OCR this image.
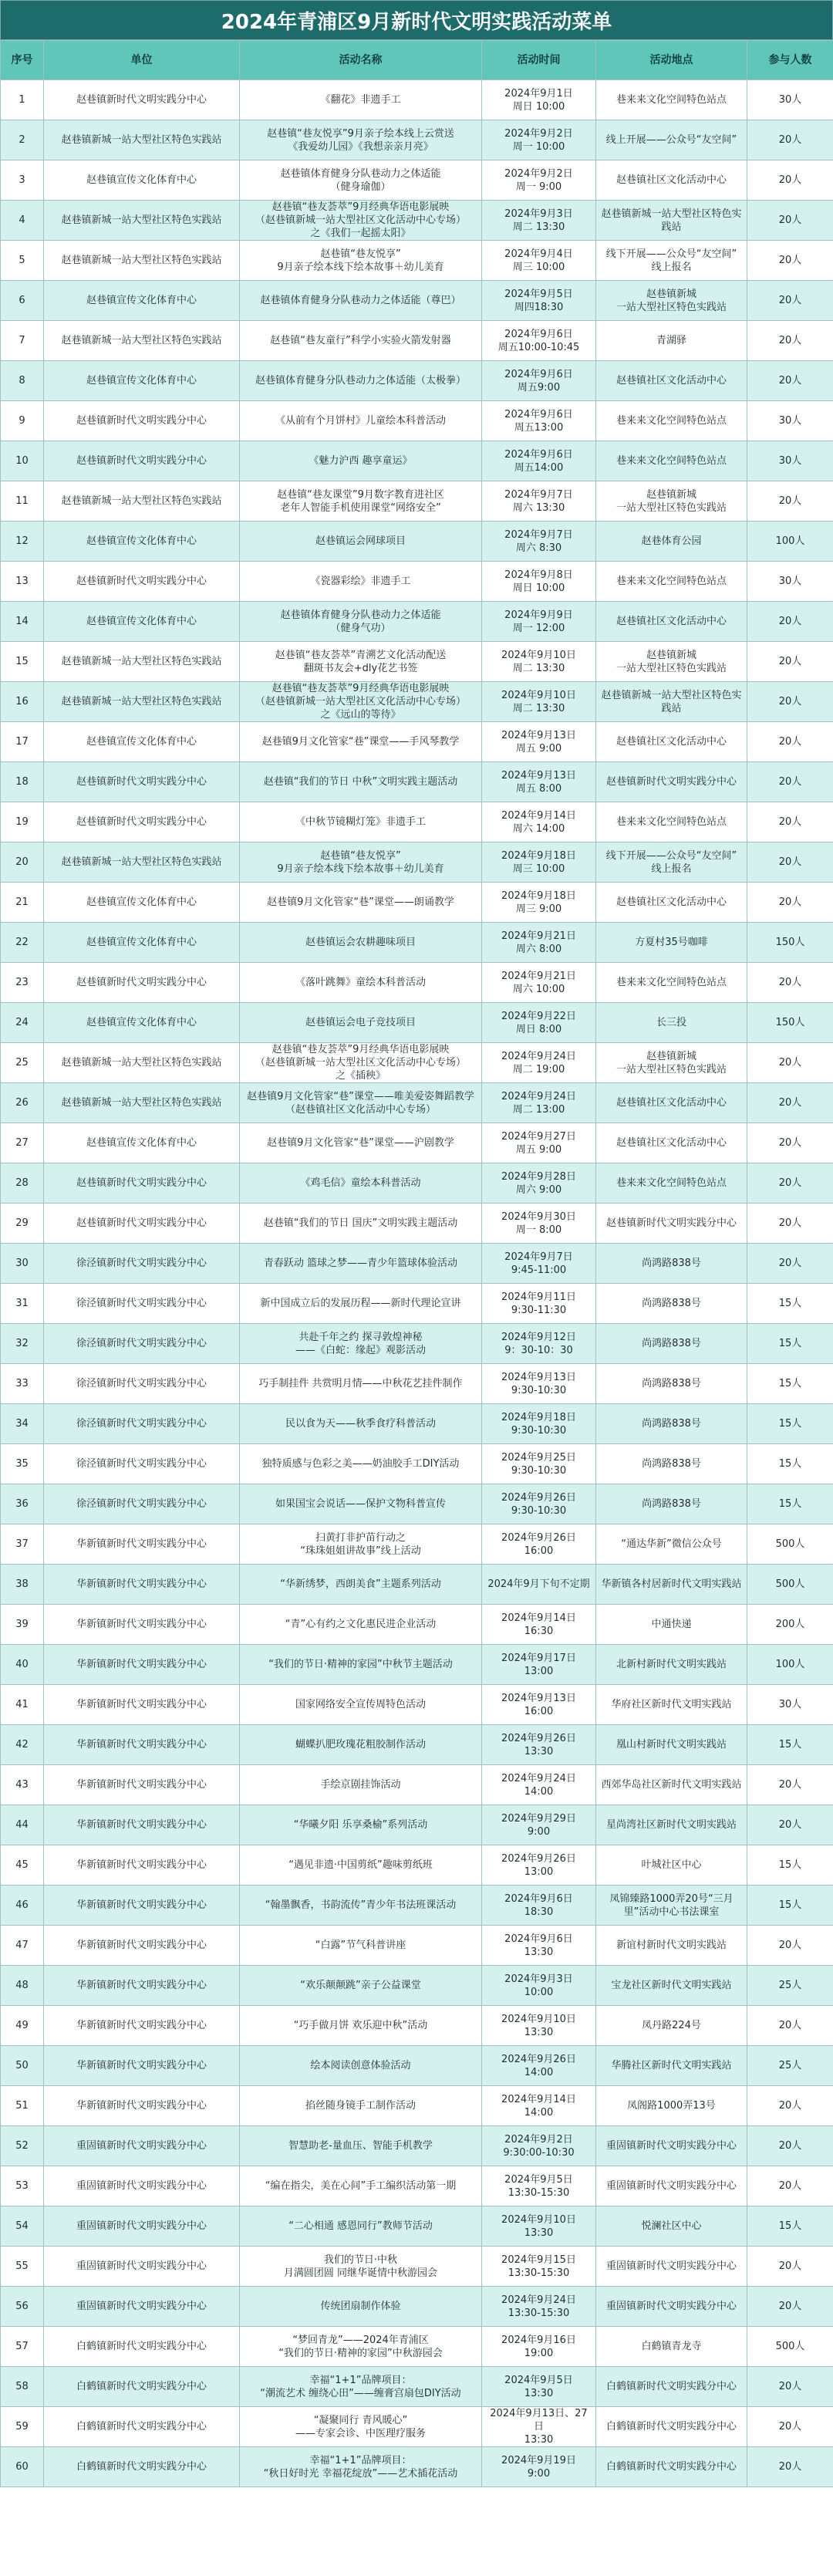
2024年青浦区9月新时代文明实践活动菜单
序号	单位	活动名称	活动时间	活动地点	参与人数
1	赵巷镇新时代文明实践分中心	《翻花》非遗手工	2024年9月1日
周日 10:00	巷来来文化空间特色站点	30人
2	赵巷镇新城一站大型社区特色实践站	赵巷镇“巷友悦享”9月亲子绘本线上云赏送
《我爱幼儿园》《我想亲亲月亮》	2024年9月2日
周一 10:00	线上开展——公众号“友空间”	20人
3	赵巷镇宣传文化体育中心	赵巷镇体育健身分队巷动力之体适能
（健身瑜伽）	2024年9月2日
周一 9:00	赵巷镇社区文化活动中心	20人
4	赵巷镇新城一站大型社区特色实践站	赵巷镇“巷友荟萃”9月经典华语电影展映
（赵巷镇新城一站大型社区文化活动中心专场）
之《我们一起摇太阳》	2024年9月3日
周二 13:30	赵巷镇新城一站大型社区特色实践站	20人
5	赵巷镇新城一站大型社区特色实践站	赵巷镇“巷友悦享”
9月亲子绘本线下绘本故事＋幼儿美育	2024年9月4日
周三 10:00	线下开展——公众号“友空间”
线上报名	20人
6	赵巷镇宣传文化体育中心	赵巷镇体育健身分队巷动力之体适能（尊巴）	2024年9月5日
周四18:30	赵巷镇新城
一站大型社区特色实践站	20人
7	赵巷镇新城一站大型社区特色实践站	赵巷镇“巷友童行”科学小实验火箭发射器	2024年9月6日
周五10:00-10:45	青湖驿	20人
8	赵巷镇宣传文化体育中心	赵巷镇体育健身分队巷动力之体适能（太极拳）	2024年9月6日
周五9:00	赵巷镇社区文化活动中心	20人
9	赵巷镇新时代文明实践分中心	《从前有个月饼村》儿童绘本科普活动	2024年9月6日
周五13:00	巷来来文化空间特色站点	30人
10	赵巷镇新时代文明实践分中心	《魅力沪西 趣享童运》	2024年9月6日
周五14:00	巷来来文化空间特色站点	30人
11	赵巷镇新城一站大型社区特色实践站	赵巷镇“巷友课堂”9月数字教育进社区
老年人智能手机使用课堂“网络安全”	2024年9月7日
周六 13:30	赵巷镇新城
一站大型社区特色实践站	20人
12	赵巷镇宣传文化体育中心	赵巷镇运会网球项目	2024年9月7日
周六 8:30	赵巷体育公园	100人
13	赵巷镇新时代文明实践分中心	《瓷器彩绘》非遗手工	2024年9月8日
周日 10:00	巷来来文化空间特色站点	30人
14	赵巷镇宣传文化体育中心	赵巷镇体育健身分队巷动力之体适能
（健身气功）	2024年9月9日
周一 12:00	赵巷镇社区文化活动中心	20人
15	赵巷镇新城一站大型社区特色实践站	赵巷镇“巷友荟萃”青溯艺文化活动配送
翻斑书友会+dly花艺书签	2024年9月10日
周二 13:30	赵巷镇新城
一站大型社区特色实践站	20人
16	赵巷镇新城一站大型社区特色实践站	赵巷镇“巷友荟萃”9月经典华语电影展映
（赵巷镇新城一站大型社区文化活动中心专场）
之《远山的等待》	2024年9月10日
周二 13:30	赵巷镇新城一站大型社区特色实践站	20人
17	赵巷镇宣传文化体育中心	赵巷镇9月文化管家“巷”课堂——手风琴教学	2024年9月13日
周五 9:00	赵巷镇社区文化活动中心	20人
18	赵巷镇新时代文明实践分中心	赵巷镇“我们的节日 中秋”文明实践主题活动	2024年9月13日
周五 8:00	赵巷镇新时代文明实践分中心	20人
19	赵巷镇新时代文明实践分中心	《中秋节镜糊灯笼》非遗手工	2024年9月14日
周六 14:00	巷来来文化空间特色站点	20人
20	赵巷镇新城一站大型社区特色实践站	赵巷镇“巷友悦享”
9月亲子绘本线下绘本故事＋幼儿美育	2024年9月18日
周三 10:00	线下开展——公众号“友空间”
线上报名	20人
21	赵巷镇宣传文化体育中心	赵巷镇9月文化管家“巷”课堂——朗诵教学	2024年9月18日
周三 9:00	赵巷镇社区文化活动中心	20人
22	赵巷镇宣传文化体育中心	赵巷镇运会农耕趣味项目	2024年9月21日
周六 8:00	方夏村35号咖啡	150人
23	赵巷镇新时代文明实践分中心	《落叶跳舞》童绘本科普活动	2024年9月21日
周六 10:00	巷来来文化空间特色站点	20人
24	赵巷镇宣传文化体育中心	赵巷镇运会电子竞技项目	2024年9月22日
周日 8:00	长三投	150人
25	赵巷镇新城一站大型社区特色实践站	赵巷镇“巷友荟萃”9月经典华语电影展映
（赵巷镇新城一站大型社区文化活动中心专场）
之《插秧》	2024年9月24日
周二 19:00	赵巷镇新城
一站大型社区特色实践站	20人
26	赵巷镇新城一站大型社区特色实践站	赵巷镇9月文化管家“巷”课堂——唯美爱姿舞蹈教学（赵巷镇社区文化活动中心专场）	2024年9月24日
周二 13:00	赵巷镇社区文化活动中心	20人
27	赵巷镇宣传文化体育中心	赵巷镇9月文化管家“巷”课堂——沪剧教学	2024年9月27日
周五 9:00	赵巷镇社区文化活动中心	20人
28	赵巷镇新时代文明实践分中心	《鸡毛信》童绘本科普活动	2024年9月28日
周六 9:00	巷来来文化空间特色站点	20人
29	赵巷镇新时代文明实践分中心	赵巷镇“我们的节日 国庆”文明实践主题活动	2024年9月30日
周一 8:00	赵巷镇新时代文明实践分中心	20人
30	徐泾镇新时代文明实践分中心	青春跃动 篮球之梦——青少年篮球体验活动	2024年9月7日
9:45-11:00	尚鸿路838号	20人
31	徐泾镇新时代文明实践分中心	新中国成立后的发展历程——新时代理论宣讲	2024年9月11日
9:30-11:30	尚鸿路838号	15人
32	徐泾镇新时代文明实践分中心	共赴千年之约 探寻敦煌神秘
——《白蛇：缘起》观影活动	2024年9月12日
9：30-10：30	尚鸿路838号	15人
33	徐泾镇新时代文明实践分中心	巧手制挂件 共赏明月情——中秋花艺挂件制作	2024年9月13日
9:30-10:30	尚鸿路838号	15人
34	徐泾镇新时代文明实践分中心	民以食为天——秋季食疗科普活动	2024年9月18日
9:30-10:30	尚鸿路838号	15人
35	徐泾镇新时代文明实践分中心	独特质感与色彩之美——奶油胶手工DIY活动	2024年9月25日
9:30-10:30	尚鸿路838号	15人
36	徐泾镇新时代文明实践分中心	如果国宝会说话——保护文物科普宣传	2024年9月26日
9:30-10:30	尚鸿路838号	15人
37	华新镇新时代文明实践分中心	扫黄打非护苗行动之
“珠珠姐姐讲故事”线上活动	2024年9月26日
16:00	“通达华新”微信公众号	500人
38	华新镇新时代文明实践分中心	“华新绣梦，西朗美食”主题系列活动	2024年9月下旬不定期	华新镇各村居新时代文明实践站	500人
39	华新镇新时代文明实践分中心	“青”心有约之文化惠民进企业活动	2024年9月14日
16:30	中通快递	200人
40	华新镇新时代文明实践分中心	“我们的节日·精神的家园”中秋节主题活动	2024年9月17日
13:00	北新村新时代文明实践站	100人
41	华新镇新时代文明实践分中心	国家网络安全宣传周特色活动	2024年9月13日
16:00	华府社区新时代文明实践站	30人
42	华新镇新时代文明实践分中心	蝴蝶扒肥玫瑰花粗胶制作活动	2024年9月26日
13:30	凰山村新时代文明实践站	15人
43	华新镇新时代文明实践分中心	手绘京剧挂饰活动	2024年9月24日
14:00	西郊华岛社区新时代文明实践站	20人
44	华新镇新时代文明实践分中心	“华曦夕阳 乐享桑榆”系列活动	2024年9月29日
9:00	星尚湾社区新时代文明实践站	20人
45	华新镇新时代文明实践分中心	“遇见非遗·中国剪纸”趣味剪纸班	2024年9月26日
13:00	叶城社区中心	15人
46	华新镇新时代文明实践分中心	“翰墨飘香，书韵流传”青少年书法班课活动	2024年9月6日
18:30	凤锦臻路1000弄20号“三月里”活动中心书法课室	15人
47	华新镇新时代文明实践分中心	“白露”节气科普讲座	2024年9月6日
13:30	新谊村新时代文明实践站	20人
48	华新镇新时代文明实践分中心	“欢乐颠颠跳”亲子公益课堂	2024年9月3日
10:00	宝龙社区新时代文明实践站	25人
49	华新镇新时代文明实践分中心	“巧手做月饼 欢乐迎中秋”活动	2024年9月10日
13:30	凤丹路224号	20人
50	华新镇新时代文明实践分中心	绘本阅读创意体验活动	2024年9月26日
14:00	华腾社区新时代文明实践站	25人
51	华新镇新时代文明实践分中心	掐丝随身镜手工制作活动	2024年9月14日
14:00	凤阁路1000弄13号	20人
52	重固镇新时代文明实践分中心	智慧助老-量血压、智能手机教学	2024年9月2日
9:30:00-10:30	重固镇新时代文明实践分中心	20人
53	重固镇新时代文明实践分中心	“编在指尖，美在心间”手工编织活动第一期	2024年9月5日
13:30-15:30	重固镇新时代文明实践分中心	20人
54	重固镇新时代文明实践分中心	“二心相通 感恩同行”教师节活动	2024年9月10日
13:30	悦澜社区中心	15人
55	重固镇新时代文明实践分中心	我们的节日·中秋
月满圆团圆 同继华诞情中秋游园会	2024年9月15日
13:30-15:30	重固镇新时代文明实践分中心	20人
56	重固镇新时代文明实践分中心	传统团扇制作体验	2024年9月24日
13:30-15:30	重固镇新时代文明实践分中心	20人
57	白鹤镇新时代文明实践分中心	“梦回青龙”——2024年青浦区
“我们的节日·精神的家园”中秋游园会	2024年9月16日
19:00	白鹤镇青龙寺	500人
58	白鹤镇新时代文明实践分中心	幸福“1+1”品牌项目：
“潮流艺术 缠绕心田”——缠膏宫扇包DIY活动	2024年9月5日
13:30	白鹤镇新时代文明实践分中心	20人
59	白鹤镇新时代文明实践分中心	“凝聚同行 青风暖心”
——专家会诊、中医理疗服务	2024年9月13日、27日
13:30	白鹤镇新时代文明实践分中心	20人
60	白鹤镇新时代文明实践分中心	幸福“1+1”品牌项目：
“秋日好时光 幸福花绽放”——艺术插花活动	2024年9月19日
9:00	白鹤镇新时代文明实践分中心	20人
